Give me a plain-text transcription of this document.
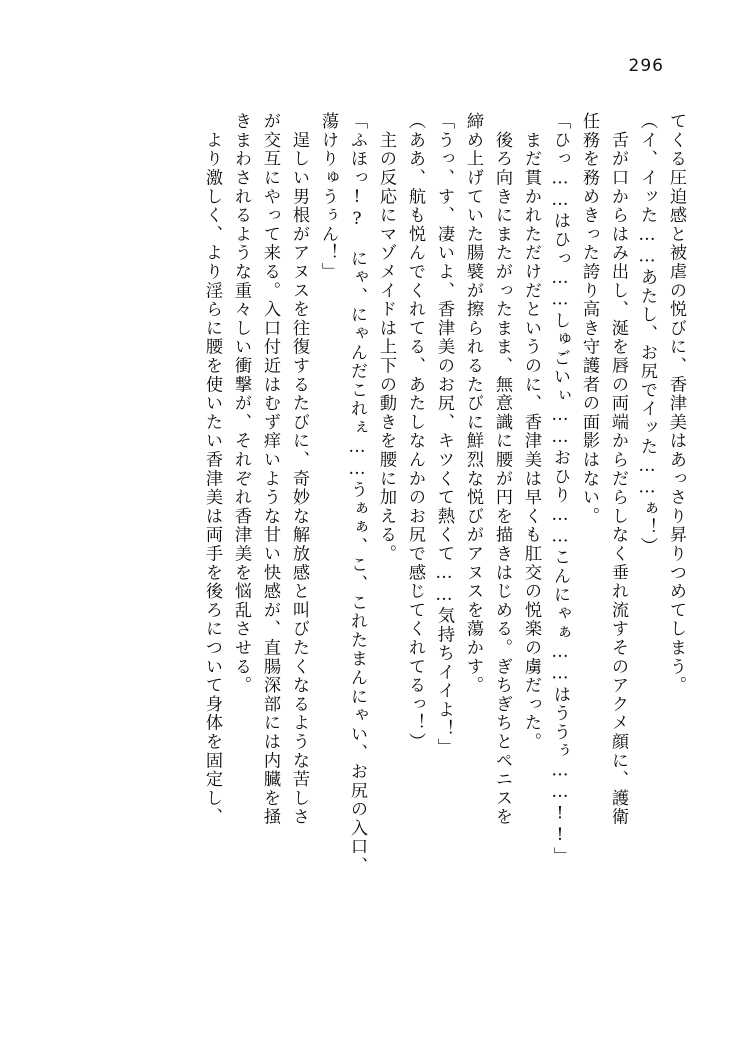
296
てくる圧迫感と被虐の悦びに、香津美はあっさり昇りつめてしまう。
（イ、イッた……あたし、お尻でイッた……ぁ！）
　舌が口からはみ出し、涎を唇の両端からだらしなく垂れ流すそのアクメ顔に、護衛
任務を務めきった誇り高き守護者の面影はない。
「ひっ……はひっ……しゅごいぃ……おひり……こんにゃぁ……はううぅ……!!」
　まだ貫かれただけだというのに、香津美は早くも肛交の悦楽の虜だった。
　後ろ向きにまたがったまま、無意識に腰が円を描きはじめる。ぎちぎちとペニスを
締め上げていた腸襞が擦られるたびに鮮烈な悦びがアヌスを蕩かす。
「うっ、す、凄いよ、香津美のお尻、キツくて熱くて……気持ちイイよ！」
（ああ、航も悦んでくれてる、あたしなんかのお尻で感じてくれてるっ！）
　主の反応にマゾメイドは上下の動きを腰に加える。
「ふほっ!?　にゃ、にゃんだこれぇ……うぁぁ、こ、これたまんにゃい、お尻の入口、
蕩けりゅうぅん！」
　逞しい男根がアヌスを往復するたびに、奇妙な解放感と叫びたくなるような苦しさ
が交互にやって来る。入口付近はむず痒いような甘い快感が、直腸深部には内臓を掻
きまわされるような重々しい衝撃が、それぞれ香津美を悩乱させる。
　より激しく、より淫らに腰を使いたい香津美は両手を後ろについて身体を固定し、
